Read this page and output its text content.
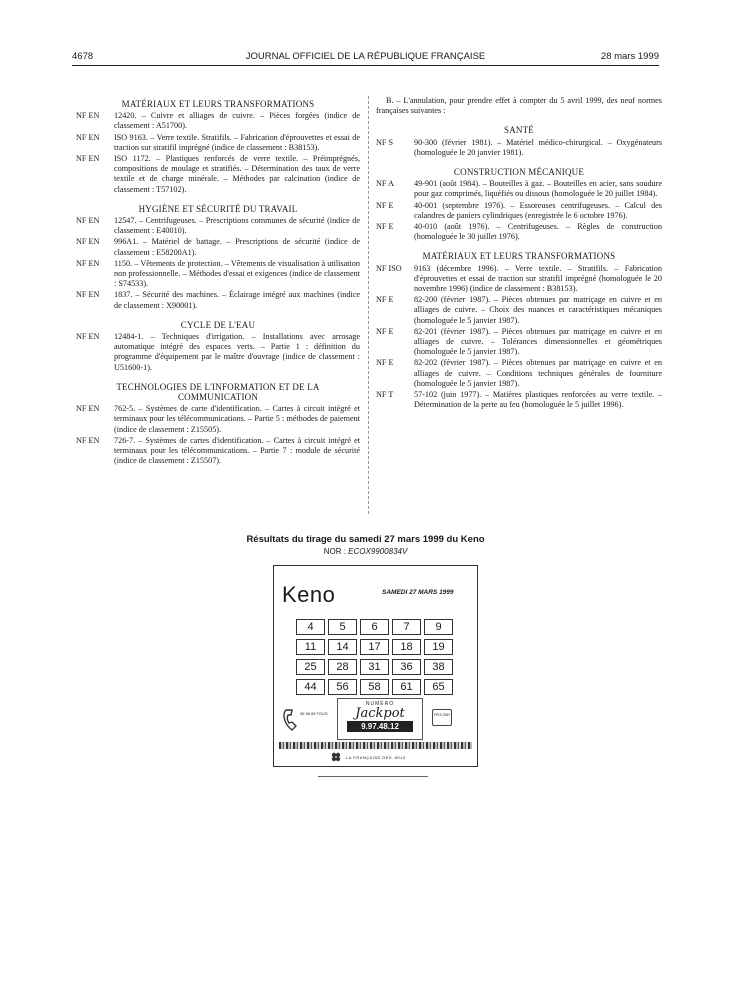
4678	JOURNAL OFFICIEL DE LA RÉPUBLIQUE FRANÇAISE	28 mars 1999
MATÉRIAUX ET LEURS TRANSFORMATIONS
NF EN	12420. – Cuivre et alliages de cuivre. – Pièces forgées (indice de classement : A51700).
NF EN	ISO 9163. – Verre textile. Stratifils. – Fabrication d'éprouvettes et essai de traction sur stratifil imprégné (indice de classement : B38153).
NF EN	ISO 1172. – Plastiques renforcés de verre textile. – Préimprégnés, compositions de moulage et stratifiés. – Détermination des taux de verre textile et de charge minérale. – Méthodes par calcination (indice de classement : T57102).
HYGIÈNE ET SÉCURITÉ DU TRAVAIL
NF EN	12547. – Centrifugeuses. – Prescriptions communes de sécurité (indice de classement : E40010).
NF EN	996A1. – Matériel de battage. – Prescriptions de sécurité (indice de classement : E58200A1).
NF EN	1150. – Vêtements de protection. – Vêtements de visualisation à utilisation non professionnelle. – Méthodes d'essai et exigences (indice de classement : S74533).
NF EN	1837. – Sécurité des machines. – Éclairage intégré aux machines (indice de classement : X90001).
CYCLE DE L'EAU
NF EN	12484-1. – Techniques d'irrigation. – Installations avec arrosage automatique intégré des espaces verts. – Partie 1 : définition du programme d'équipement par le maître d'ouvrage (indice de classement : U51600-1).
TECHNOLOGIES DE L'INFORMATION ET DE LA COMMUNICATION
NF EN	762-5. – Systèmes de carte d'identification. – Cartes à circuit intégré et terminaux pour les télécommunications. – Partie 5 : méthodes de paiement (indice de classement : Z15505).
NF EN	726-7. – Systèmes de cartes d'identification. – Cartes à circuit intégré et terminaux pour les télécommunications. – Partie 7 : module de sécurité (indice de classement : Z15507).
B. – L'annulation, pour prendre effet à compter du 5 avril 1999, des neuf normes françaises suivantes :
SANTÉ
NF S	90-300 (février 1981). – Matériel médico-chirurgical. – Oxygénateurs (homologuée le 20 janvier 1981).
CONSTRUCTION MÉCANIQUE
NF A	49-901 (août 1984). – Bouteilles à gaz. – Bouteilles en acier, sans soudure pour gaz comprimés, liquéfiés ou dissous (homologuée le 20 juillet 1984).
NF E	40-001 (septembre 1976). – Essoreuses centrifugeuses. – Calcul des calandres de paniers cylindriques (enregistrée le 6 octobre 1976).
NF E	40-010 (août 1976). – Centrifugeuses. – Règles de construction (homologuée le 30 juillet 1976).
MATÉRIAUX ET LEURS TRANSFORMATIONS
NF ISO	9163 (décembre 1996). – Verre textile. – Stratifils. – Fabrication d'éprouvettes et essai de traction sur stratifil imprégné (homologuée le 20 novembre 1996) (indice de classement : B38153).
NF E	82-200 (février 1987). – Pièces obtenues par matriçage en cuivre et en alliages de cuivre. – Choix des nuances et caractéristiques mécaniques (homologuée le 5 janvier 1987).
NF E	82-201 (février 1987). – Pièces obtenues par matriçage en cuivre et en alliages de cuivre. – Tolérances dimensionnelles et géométriques (homologuée le 5 janvier 1987).
NF E	82-202 (février 1987). – Pièces obtenues par matriçage en cuivre et en alliages de cuivre. – Conditions techniques générales de fourniture (homologuée le 5 janvier 1987).
NF T	57-102 (juin 1977). – Matières plastiques renforcées au verre textile. – Détermination de la perte au feu (homologuée le 5 juillet 1996).
Résultats du tirage du samedi 27 mars 1999 du Keno
NOR : ECOX9900834V
Keno	SAMEDI 27 MARS 1999
4	5	6	7	9
11	14	17	18	19
25	28	31	36	38
44	56	58	61	65
36 36 65 TOUS
NUMÉRO
Jackpot
9.97.48.12
FR3 20H
LA FRANÇAISE DES JEUX
